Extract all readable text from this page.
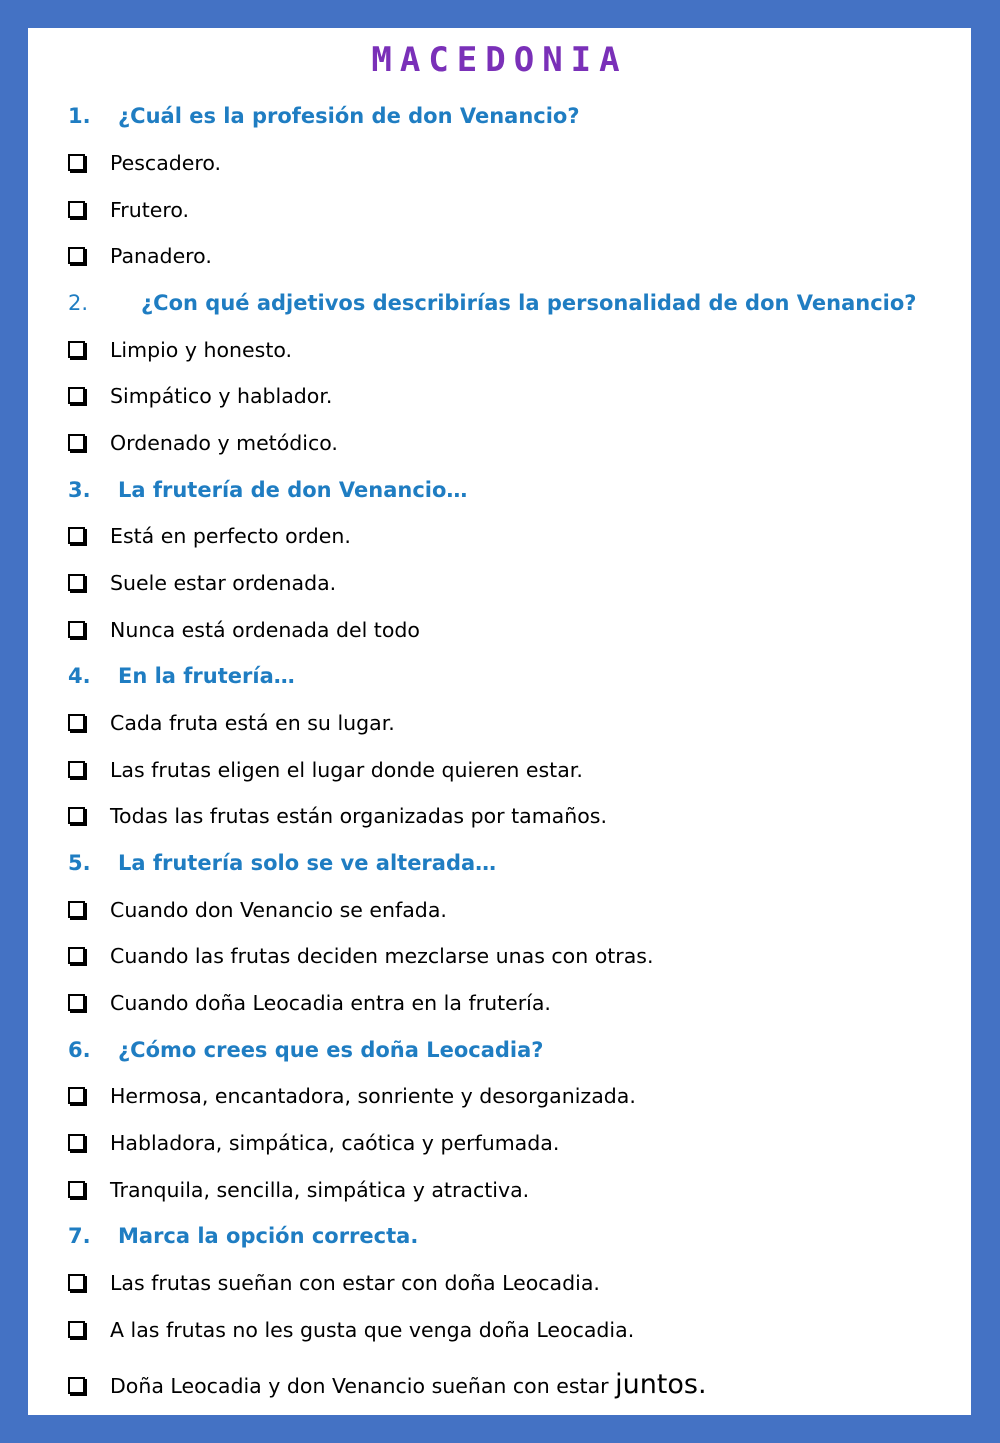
MACEDONIA
1. ¿Cuál es la profesión de don Venancio?
Pescadero.
Frutero.
Panadero.
2.	¿Con qué adjetivos describirías la personalidad de don Venancio?
Limpio y honesto.
Simpático y hablador.
Ordenado y metódico.
3. La frutería de don Venancio…
Está en perfecto orden.
Suele estar ordenada.
Nunca está ordenada del todo
4. En la frutería…
Cada fruta está en su lugar.
Las frutas eligen el lugar donde quieren estar.
Todas las frutas están organizadas por tamaños.
5. La frutería solo se ve alterada…
Cuando don Venancio se enfada.
Cuando las frutas deciden mezclarse unas con otras.
Cuando doña Leocadia entra en la frutería.
6. ¿Cómo crees que es doña Leocadia?
Hermosa, encantadora, sonriente y desorganizada.
Habladora, simpática, caótica y perfumada.
Tranquila, sencilla, simpática y atractiva.
7. Marca la opción correcta.
Las frutas sueñan con estar con doña Leocadia.
A las frutas no les gusta que venga doña Leocadia.
Doña Leocadia y don Venancio sueñan con estar juntos.
